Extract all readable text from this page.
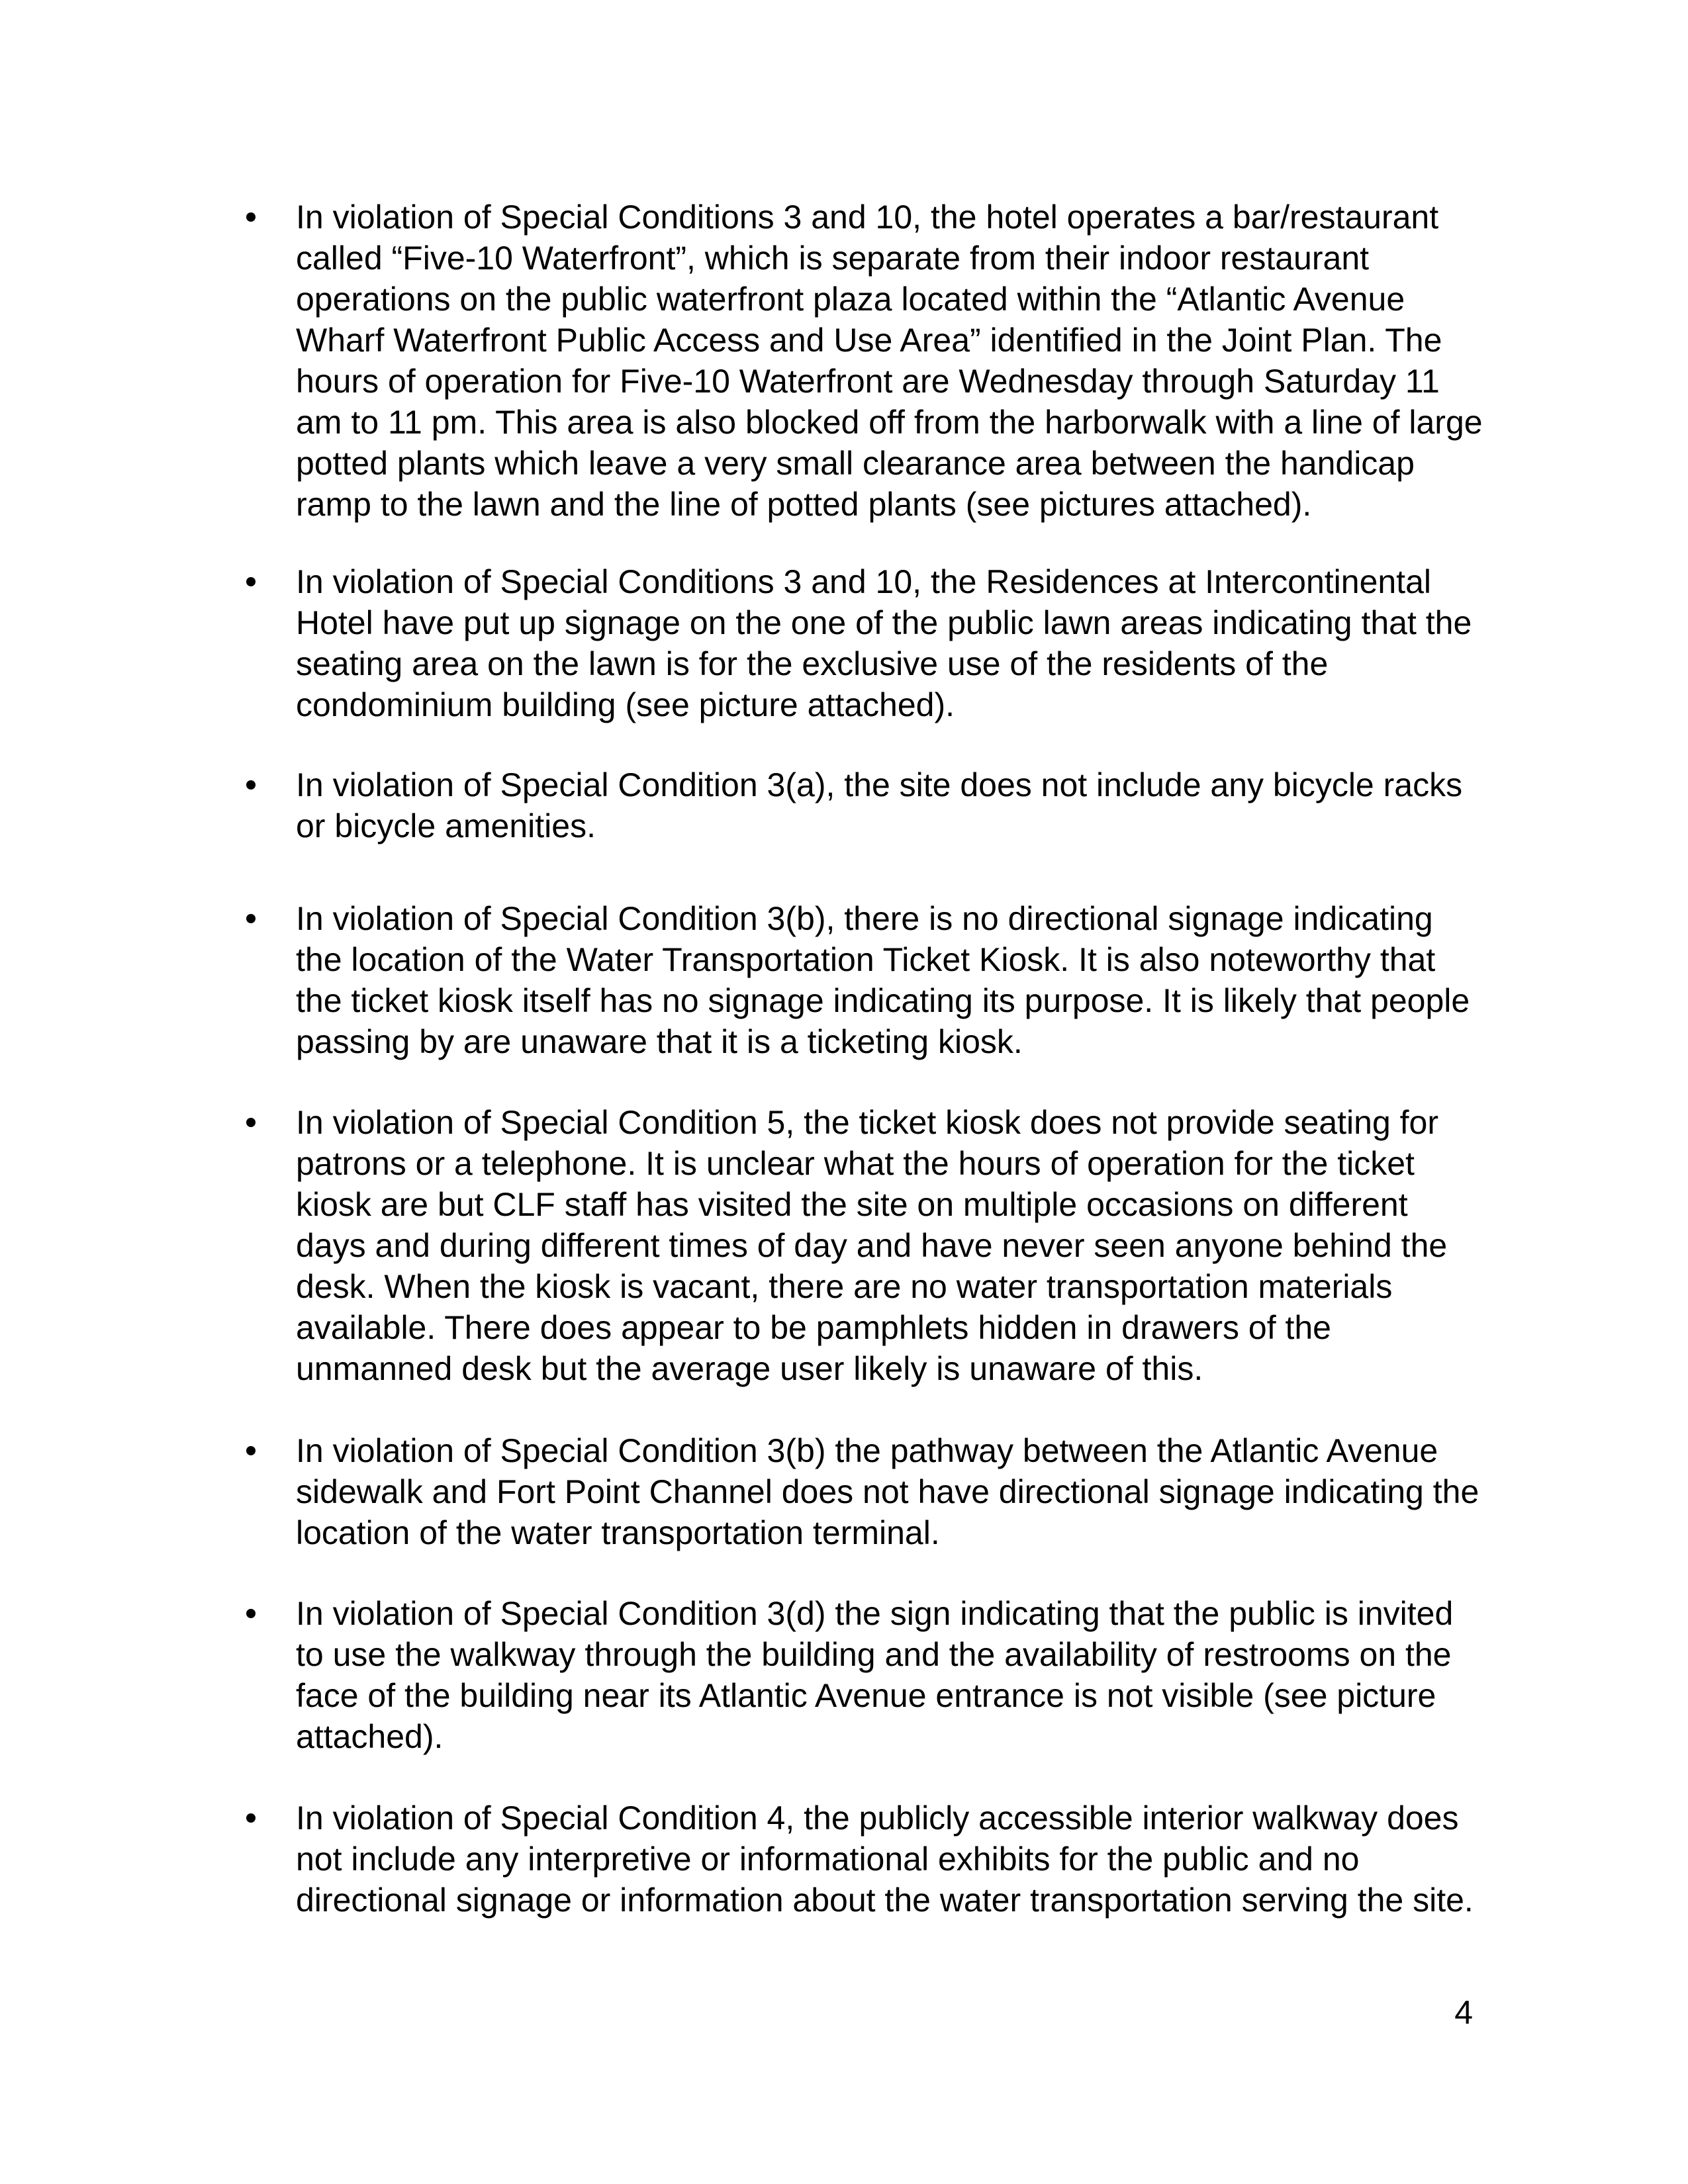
In violation of Special Conditions 3 and 10, the hotel operates a bar/restaurant
called “Five-10 Waterfront”, which is separate from their indoor restaurant
operations on the public waterfront plaza located within the “Atlantic Avenue
Wharf Waterfront Public Access and Use Area” identified in the Joint Plan. The
hours of operation for Five-10 Waterfront are Wednesday through Saturday 11
am to 11 pm. This area is also blocked off from the harborwalk with a line of large
potted plants which leave a very small clearance area between the handicap
ramp to the lawn and the line of potted plants (see pictures attached).
In violation of Special Conditions 3 and 10, the Residences at Intercontinental
Hotel have put up signage on the one of the public lawn areas indicating that the
seating area on the lawn is for the exclusive use of the residents of the
condominium building (see picture attached).
In violation of Special Condition 3(a), the site does not include any bicycle racks
or bicycle amenities.
In violation of Special Condition 3(b), there is no directional signage indicating
the location of the Water Transportation Ticket Kiosk. It is also noteworthy that
the ticket kiosk itself has no signage indicating its purpose. It is likely that people
passing by are unaware that it is a ticketing kiosk.
In violation of Special Condition 5, the ticket kiosk does not provide seating for
patrons or a telephone. It is unclear what the hours of operation for the ticket
kiosk are but CLF staff has visited the site on multiple occasions on different
days and during different times of day and have never seen anyone behind the
desk. When the kiosk is vacant, there are no water transportation materials
available. There does appear to be pamphlets hidden in drawers of the
unmanned desk but the average user likely is unaware of this.
In violation of Special Condition 3(b) the pathway between the Atlantic Avenue
sidewalk and Fort Point Channel does not have directional signage indicating the
location of the water transportation terminal.
In violation of Special Condition 3(d) the sign indicating that the public is invited
to use the walkway through the building and the availability of restrooms on the
face of the building near its Atlantic Avenue entrance is not visible (see picture
attached).
In violation of Special Condition 4, the publicly accessible interior walkway does
not include any interpretive or informational exhibits for the public and no
directional signage or information about the water transportation serving the site.
4
